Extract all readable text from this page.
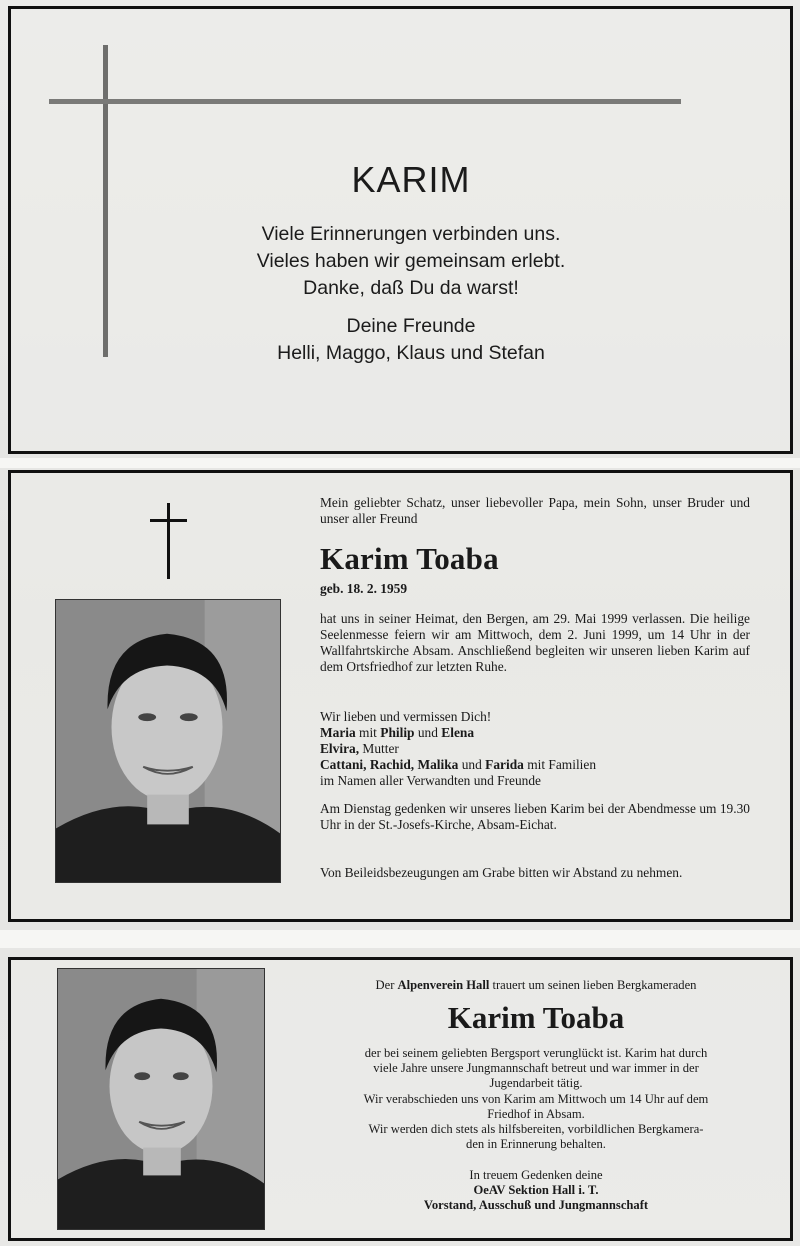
KARIM
Viele Erinnerungen verbinden uns.
Vieles haben wir gemeinsam erlebt.
Danke, daß Du da warst!
Deine Freunde
Helli, Maggo, Klaus und Stefan
Mein geliebter Schatz, unser liebevoller Papa, mein Sohn, unser Bruder und unser aller Freund
Karim Toaba
geb. 18. 2. 1959
hat uns in seiner Heimat, den Bergen, am 29. Mai 1999 verlassen. Die heilige Seelenmesse feiern wir am Mittwoch, dem 2. Juni 1999, um 14 Uhr in der Wallfahrtskirche Absam. Anschließend begleiten wir unseren lieben Karim auf dem Ortsfriedhof zur letzten Ruhe.
Wir lieben und vermissen Dich!
Maria mit Philip und Elena
Elvira, Mutter
Cattani, Rachid, Malika und Farida mit Familien
im Namen aller Verwandten und Freunde
Am Dienstag gedenken wir unseres lieben Karim bei der Abendmesse um 19.30 Uhr in der St.-Josefs-Kirche, Absam-Eichat.
Von Beileidsbezeugungen am Grabe bitten wir Abstand zu nehmen.
Der Alpenverein Hall trauert um seinen lieben Bergkameraden
Karim Toaba
der bei seinem geliebten Bergsport verunglückt ist. Karim hat durch
viele Jahre unsere Jungmannschaft betreut und war immer in der
Jugendarbeit tätig.
Wir verabschieden uns von Karim am Mittwoch um 14 Uhr auf dem
Friedhof in Absam.
Wir werden dich stets als hilfsbereiten, vorbildlichen Bergkamera-
den in Erinnerung behalten.
In treuem Gedenken deine
OeAV Sektion Hall i. T.
Vorstand, Ausschuß und Jungmannschaft
